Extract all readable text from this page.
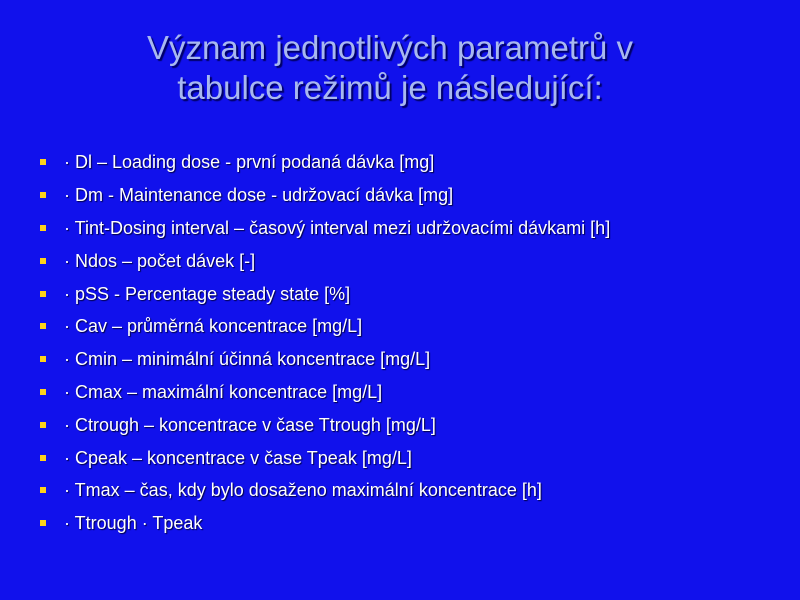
Význam jednotlivých parametrů v
tabulce režimů je následující:
· Dl – Loading dose - první podaná dávka [mg]
· Dm - Maintenance dose - udržovací dávka [mg]
· Tint-Dosing interval – časový interval mezi udržovacími dávkami [h]
· Ndos – počet dávek [-]
· pSS - Percentage steady state [%]
· Cav – průměrná koncentrace [mg/L]
· Cmin – minimální účinná koncentrace [mg/L]
· Cmax – maximální koncentrace [mg/L]
· Ctrough – koncentrace v čase Ttrough [mg/L]
· Cpeak – koncentrace v čase Tpeak [mg/L]
· Tmax – čas, kdy bylo dosaženo maximální koncentrace [h]
· Ttrough · Tpeak
